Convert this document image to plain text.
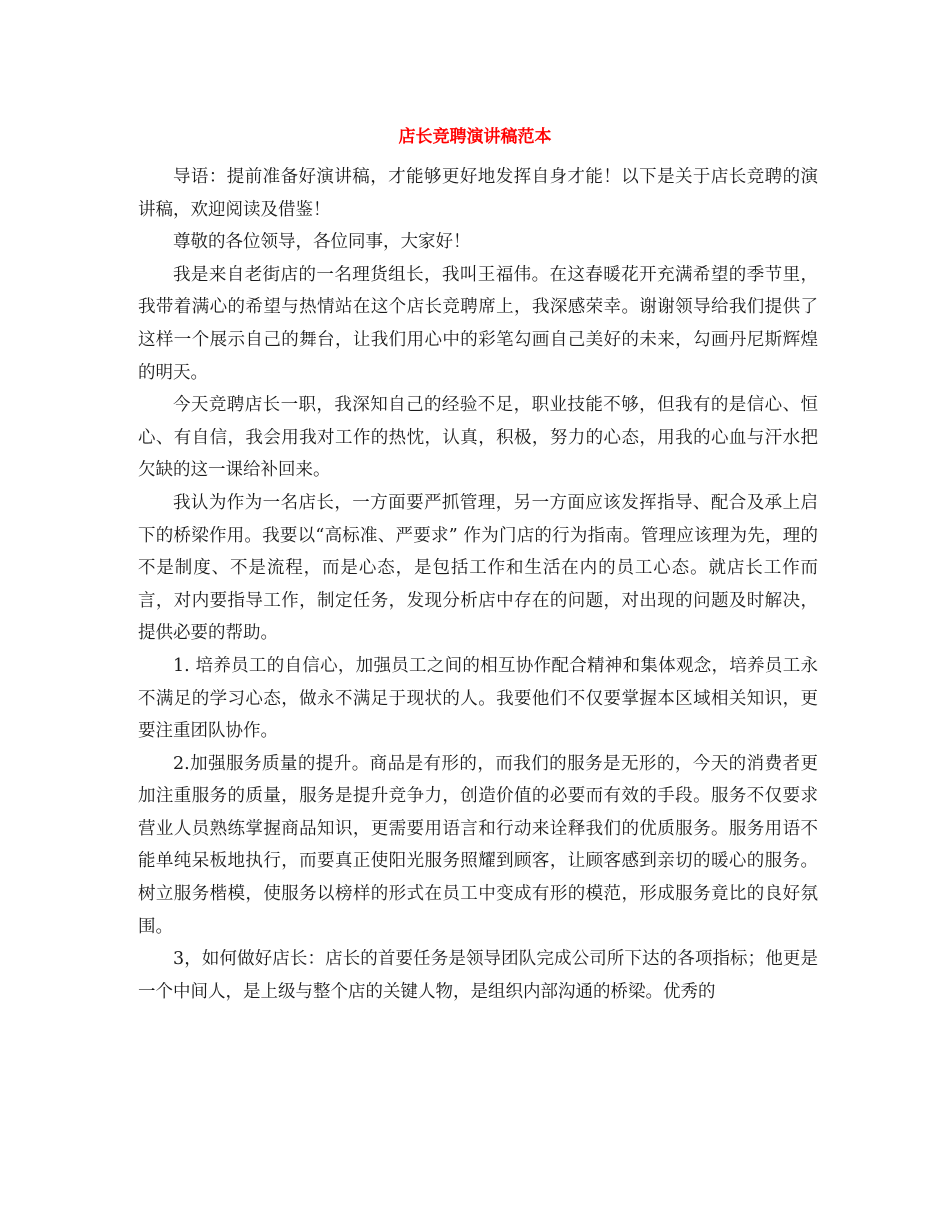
店长竞聘演讲稿范本

导语：提前准备好演讲稿，才能够更好地发挥自身才能！以下是关于店长竞聘的演讲稿，欢迎阅读及借鉴！

尊敬的各位领导，各位同事，大家好！

我是来自老街店的一名理货组长，我叫王福伟。在这春暖花开充满希望的季节里，我带着满心的希望与热情站在这个店长竞聘席上，我深感荣幸。谢谢领导给我们提供了这样一个展示自己的舞台，让我们用心中的彩笔勾画自己美好的未来，勾画丹尼斯辉煌的明天。

今天竞聘店长一职，我深知自己的经验不足，职业技能不够，但我有的是信心、恒心、有自信，我会用我对工作的热忱，认真，积极，努力的心态，用我的心血与汗水把欠缺的这一课给补回来。

我认为作为一名店长，一方面要严抓管理，另一方面应该发挥指导、配合及承上启下的桥梁作用。我要以“高标准、严要求” 作为门店的行为指南。管理应该理为先，理的不是制度、不是流程，而是心态，是包括工作和生活在内的员工心态。就店长工作而言，对内要指导工作，制定任务，发现分析店中存在的问题，对出现的问题及时解决，提供必要的帮助。

1. 培养员工的自信心，加强员工之间的相互协作配合精神和集体观念，培养员工永不满足的学习心态，做永不满足于现状的人。我要他们不仅要掌握本区域相关知识，更要注重团队协作。

2.加强服务质量的提升。商品是有形的，而我们的服务是无形的，今天的消费者更加注重服务的质量，服务是提升竞争力，创造价值的必要而有效的手段。服务不仅要求营业人员熟练掌握商品知识，更需要用语言和行动来诠释我们的优质服务。服务用语不能单纯呆板地执行，而要真正使阳光服务照耀到顾客，让顾客感到亲切的暖心的服务。树立服务楷模，使服务以榜样的形式在员工中变成有形的模范，形成服务竟比的良好氛围。

3，如何做好店长：店长的首要任务是领导团队完成公司所下达的各项指标；他更是一个中间人，是上级与整个店的关键人物，是组织内部沟通的桥梁。优秀的
